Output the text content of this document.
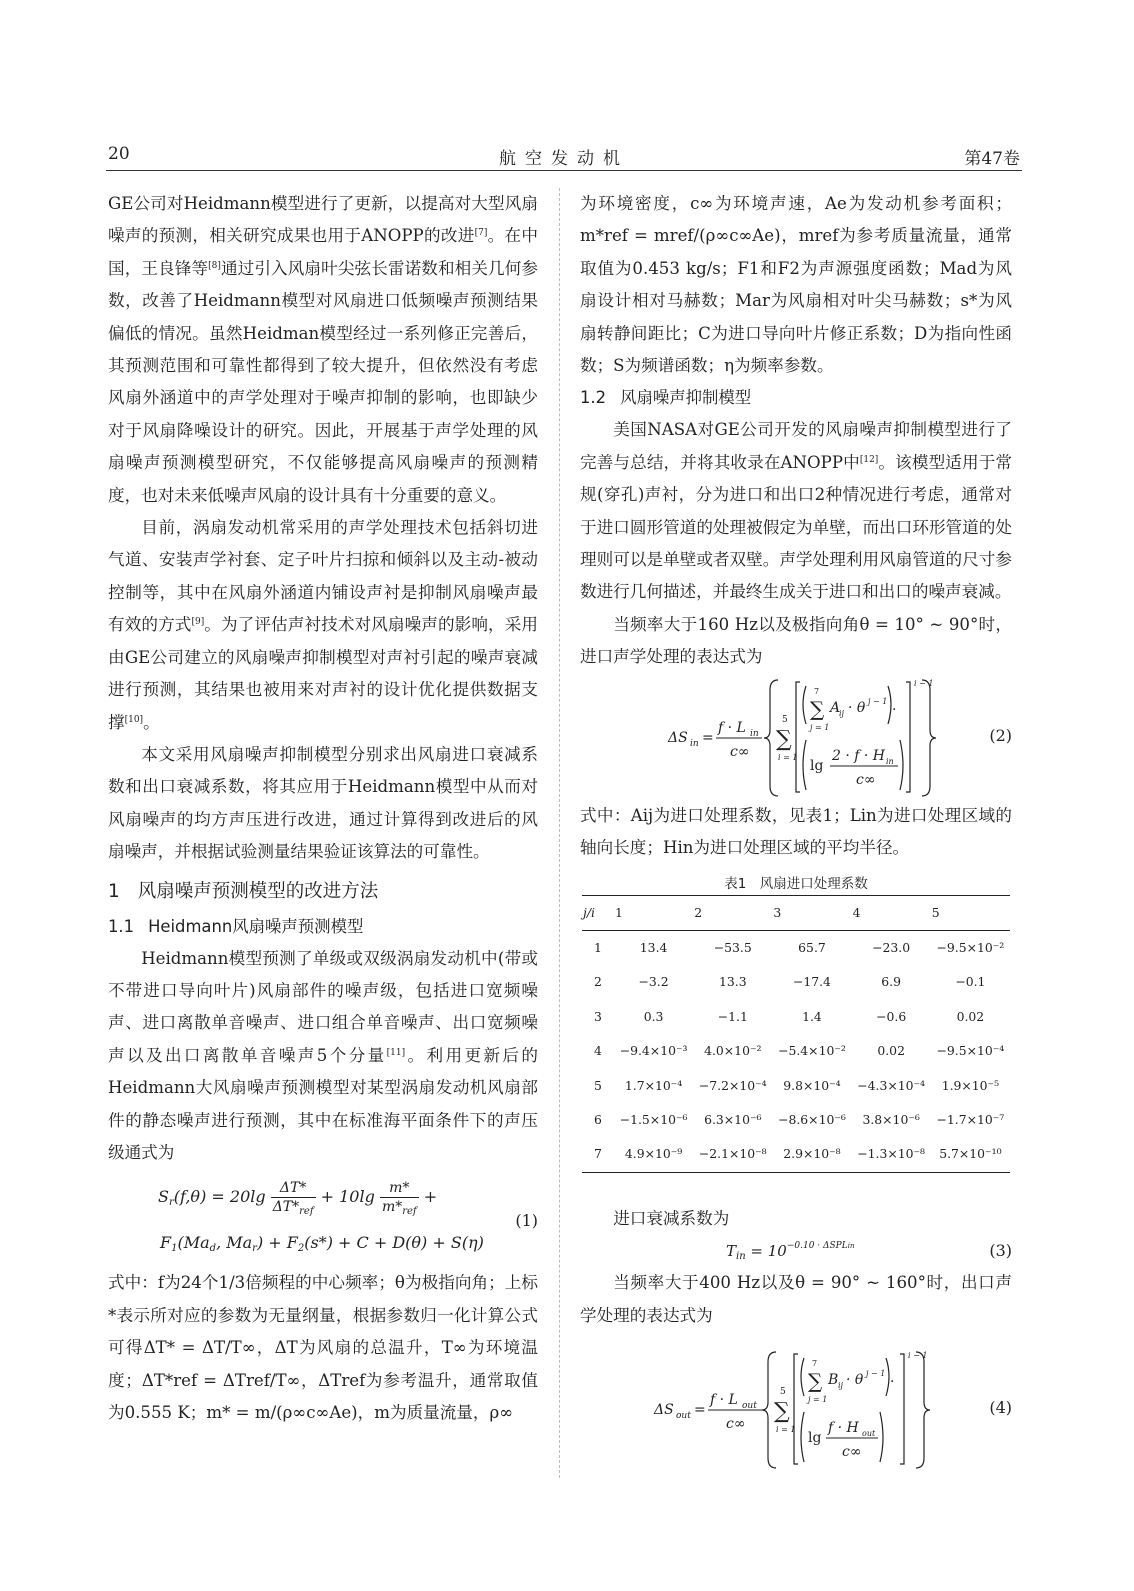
20	航空发动机	第47卷

GE公司对Heidmann模型进行了更新，以提高对大型风扇噪声的预测，相关研究成果也用于ANOPP的改进[7]。在中国，王良锋等[8]通过引入风扇叶尖弦长雷诺数和相关几何参数，改善了Heidmann模型对风扇进口低频噪声预测结果偏低的情况。虽然Heidman模型经过一系列修正完善后，其预测范围和可靠性都得到了较大提升，但依然没有考虑风扇外涵道中的声学处理对于噪声抑制的影响，也即缺少对于风扇降噪设计的研究。因此，开展基于声学处理的风扇噪声预测模型研究，不仅能够提高风扇噪声的预测精度，也对未来低噪声风扇的设计具有十分重要的意义。

目前，涡扇发动机常采用的声学处理技术包括斜切进气道、安装声学衬套、定子叶片扫掠和倾斜以及主动-被动控制等，其中在风扇外涵道内铺设声衬是抑制风扇噪声最有效的方式[9]。为了评估声衬技术对风扇噪声的影响，采用由GE公司建立的风扇噪声抑制模型对声衬引起的噪声衰减进行预测，其结果也被用来对声衬的设计优化提供数据支撑[10]。

本文采用风扇噪声抑制模型分别求出风扇进口衰减系数和出口衰减系数，将其应用于Heidmann模型中从而对风扇噪声的均方声压进行改进，通过计算得到改进后的风扇噪声，并根据试验测量结果验证该算法的可靠性。

1 风扇噪声预测模型的改进方法
1.1 Heidmann风扇噪声预测模型

Heidmann模型预测了单级或双级涡扇发动机中(带或不带进口导向叶片)风扇部件的噪声级，包括进口宽频噪声、进口离散单音噪声、进口组合单音噪声、出口宽频噪声以及出口离散单音噪声5个分量[11]。利用更新后的Heidmann大风扇噪声预测模型对某型涡扇发动机风扇部件的静态噪声进行预测，其中在标准海平面条件下的声压级通式为

$S_r(f,\theta) = 20\lg \frac{\Delta T*}{\Delta T*_{ref}} + 10\lg \frac{m*}{m*_{ref}}$ +
$F_1(Ma_d$, $Ma_r) + F_2(s*) + C + D(\theta) + S(\eta)$
(1)

式中：f为24个1/3倍频程的中心频率；θ为极指向角；上标*表示所对应的参数为无量纲量，根据参数归一化计算公式可得ΔT* = ΔT/T∞，ΔT为风扇的总温升，T∞为环境温度；ΔT*ref = ΔTref/T∞，ΔTref为参考温升，通常取值为0.555 K；m* = m/(ρ∞c∞Ae)，m为质量流量，ρ∞

为环境密度，c∞为环境声速，Ae为发动机参考面积；m*ref = mref/(ρ∞c∞Ae)，mref为参考质量流量，通常取值为0.453 kg/s；F1和F2为声源强度函数；Mad为风扇设计相对马赫数；Mar为风扇相对叶尖马赫数；s*为风扇转静间距比；C为进口导向叶片修正系数；D为指向性函数；S为频谱函数；η为频率参数。

1.2 风扇噪声抑制模型

美国NASA对GE公司开发的风扇噪声抑制模型进行了完善与总结，并将其收录在ANOPP中[12]。该模型适用于常规(穿孔)声衬，分为进口和出口2种情况进行考虑，通常对于进口圆形管道的处理被假定为单壁，而出口环形管道的处理则可以是单壁或者双壁。声学处理利用风扇管道的尺寸参数进行几何描述，并最终生成关于进口和出口的噪声衰减。

当频率大于160 Hz以及极指向角θ = 10° ~ 90°时，进口声学处理的表达式为

ΔS in =
f · L in
c∞
5
∑
i = 1
∑
7
j = 1
A
ij · θ j − 1
·
lg
2 · f · H in
c∞
i − 1
(2)

式中：Aij为进口处理系数，见表1；Lin为进口处理区域的轴向长度；Hin为进口处理区域的平均半径。

表1　风扇进口处理系数
j/i	1	2	3	4	5
1	13.4	−53.5	65.7	−23.0	−9.5×10⁻²
2	−3.2	13.3	−17.4	6.9	−0.1
3	0.3	−1.1	1.4	−0.6	0.02
4	−9.4×10⁻³	4.0×10⁻²	−5.4×10⁻²	0.02	−9.5×10⁻⁴
5	1.7×10⁻⁴	−7.2×10⁻⁴	9.8×10⁻⁴	−4.3×10⁻⁴	1.9×10⁻⁵
6	−1.5×10⁻⁶	6.3×10⁻⁶	−8.6×10⁻⁶	3.8×10⁻⁶	−1.7×10⁻⁷
7	4.9×10⁻⁹	−2.1×10⁻⁸	2.9×10⁻⁸	−1.3×10⁻⁸	5.7×10⁻¹⁰

进口衰减系数为

$T_{in} = 10^{-0.10 \cdot \Delta SPLin}$	(3)

当频率大于400 Hz以及θ = 90° ~ 160°时，出口声学处理的表达式为

ΔS out =
f · L out
c∞
5
∑
i = 1
∑
7
j = 1
B ij · θ j − 1
·
lg
f · H out
c∞
i − 1
(4)
